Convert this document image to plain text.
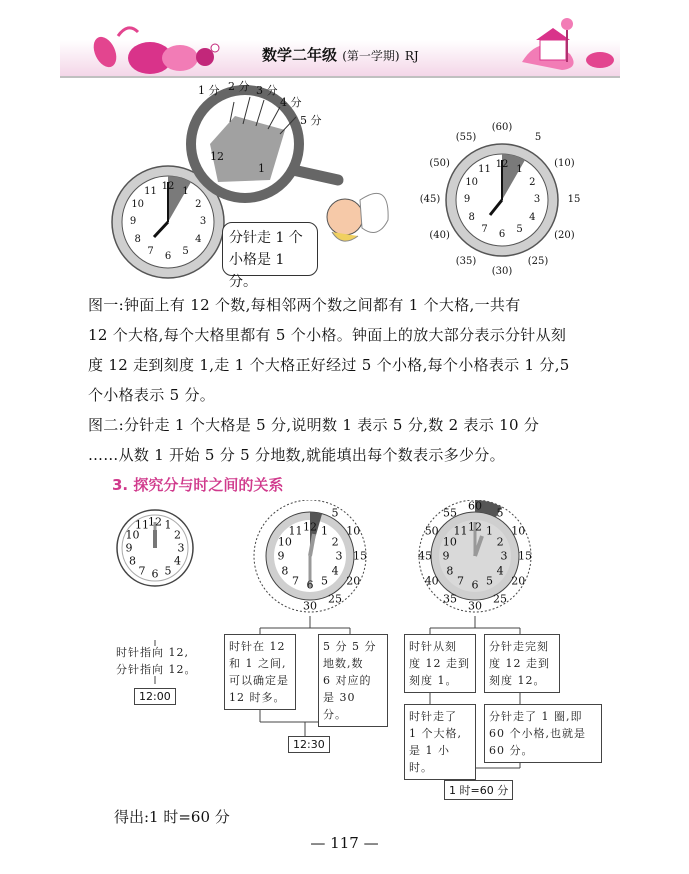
数学二年级 (第一学期) RJ
1 分 2 分 3 分
4 分
5 分
12
1
12 1
2
3
4
5
6
7
8
9
10
11
12 1
2
3
4
5
6
7
8
9
10
11
(60)
5
(10)
15
(20)
(25)
(30)
(35)
(40)
(45)
(50)
(55)
分针走 1 个
小格是 1 分。
图一:钟面上有 12 个数,每相邻两个数之间都有 1 个大格,一共有
12 个大格,每个大格里都有 5 个小格。钟面上的放大部分表示分针从刻
度 12 走到刻度 1,走 1 个大格正好经过 5 个小格,每个小格表示 1 分,5
个小格表示 5 分。
图二:分针走 1 个大格是 5 分,说明数 1 表示 5 分,数 2 表示 10 分
……从数 1 开始 5 分 5 分地数,就能填出每个数表示多少分。
3. 探究分与时之间的关系
12 1
2
3
4
5
6
7
8
9
10
11	12 1
2
3
4
5
6
7
8
9
10
11
5
10
15
20
25
30
12 1
2
3
4
5
6
7
8
9
10
11
60
5
10
15
20
25
30
35
40
45
50
55
时针指向 12,
分针指向 12。
12:00
时针在 12
和 1 之间,
可以确定是
12 时多。
5 分 5 分
地数,数
6 对应的
是 30 分。
12:30
时针从刻
度 12 走到
刻度 1。
分针走完刻
度 12 走到
刻度 12。
时针走了
1 个大格,
是 1 小时。
分针走了 1 圈,即
60 个小格,也就是
60 分。
1 时=60 分
得出:1 时=60 分
— 117 —
